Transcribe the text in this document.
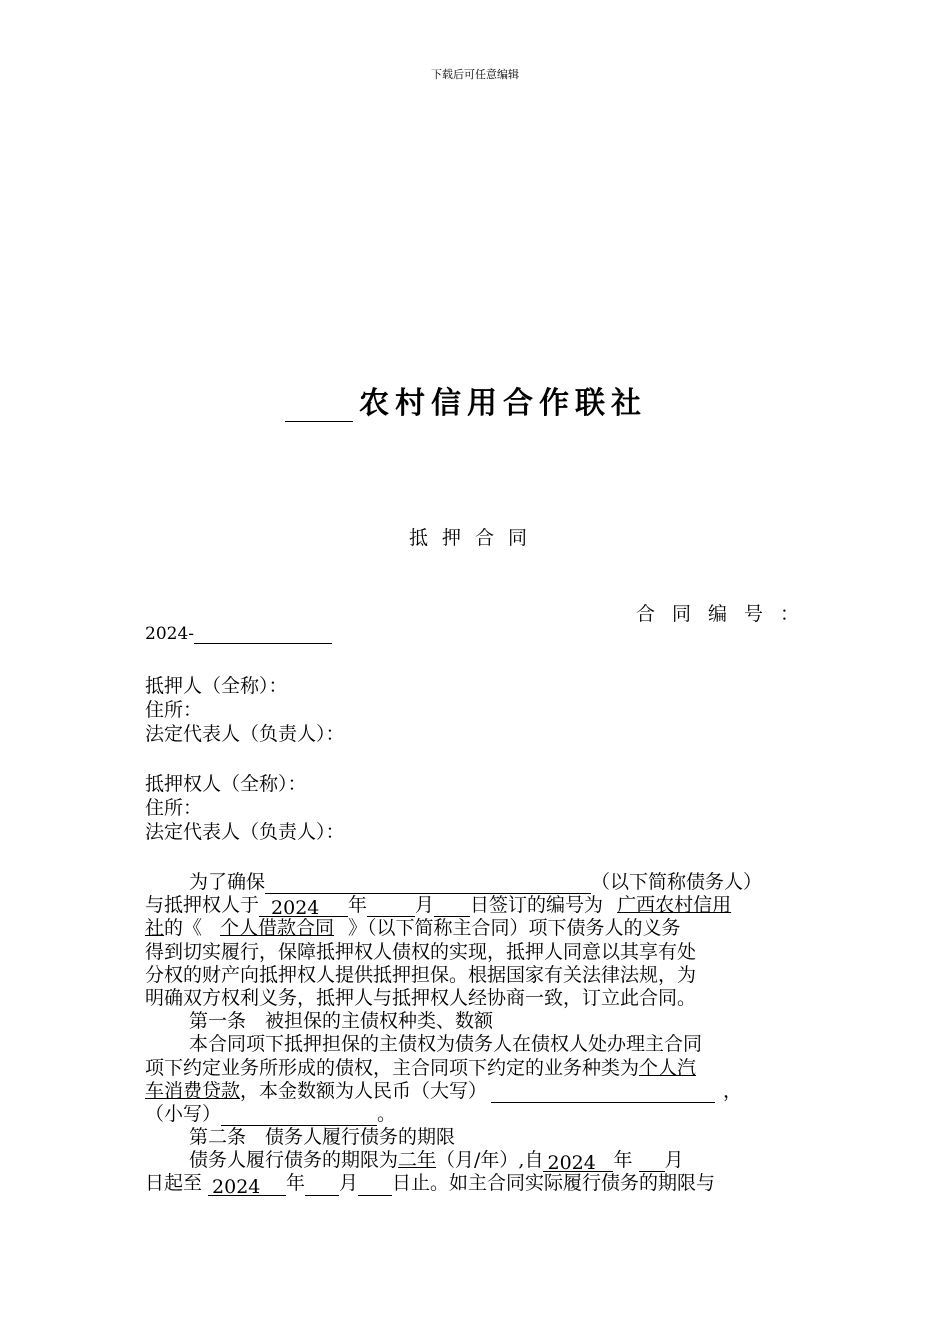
下载后可任意编辑
农村信用合作联社
抵押合同
合同编号：
2024-
抵押人（全称）：
住所：
法定代表人（负责人）：
抵押权人（全称）：
住所：
法定代表人（负责人）：
为了确保	（以下简称债务人）
与抵押权人于 2024 年	月 日签订的编号为 广西农村信用
社的《 个人借款合同 》（以下简称主合同）项下债务人的义务
得到切实履行，保障抵押权人债权的实现，抵押人同意以其享有处
分权的财产向抵押权人提供抵押担保。根据国家有关法律法规，为
明确双方权利义务，抵押人与抵押权人经协商一致，订立此合同。
第一条　被担保的主债权种类、数额
本合同项下抵押担保的主债权为债务人在债权人处办理主合同
项下约定业务所形成的债权，主合同项下约定的业务种类为个人汽
车消费贷款，本金数额为人民币（大写）	，
（小写）	。
第二条　债务人履行债务的期限
债务人履行债务的期限为二年（月/年）,自 2024 年 月
日起至 2024 年 月 日止。如主合同实际履行债务的期限与
